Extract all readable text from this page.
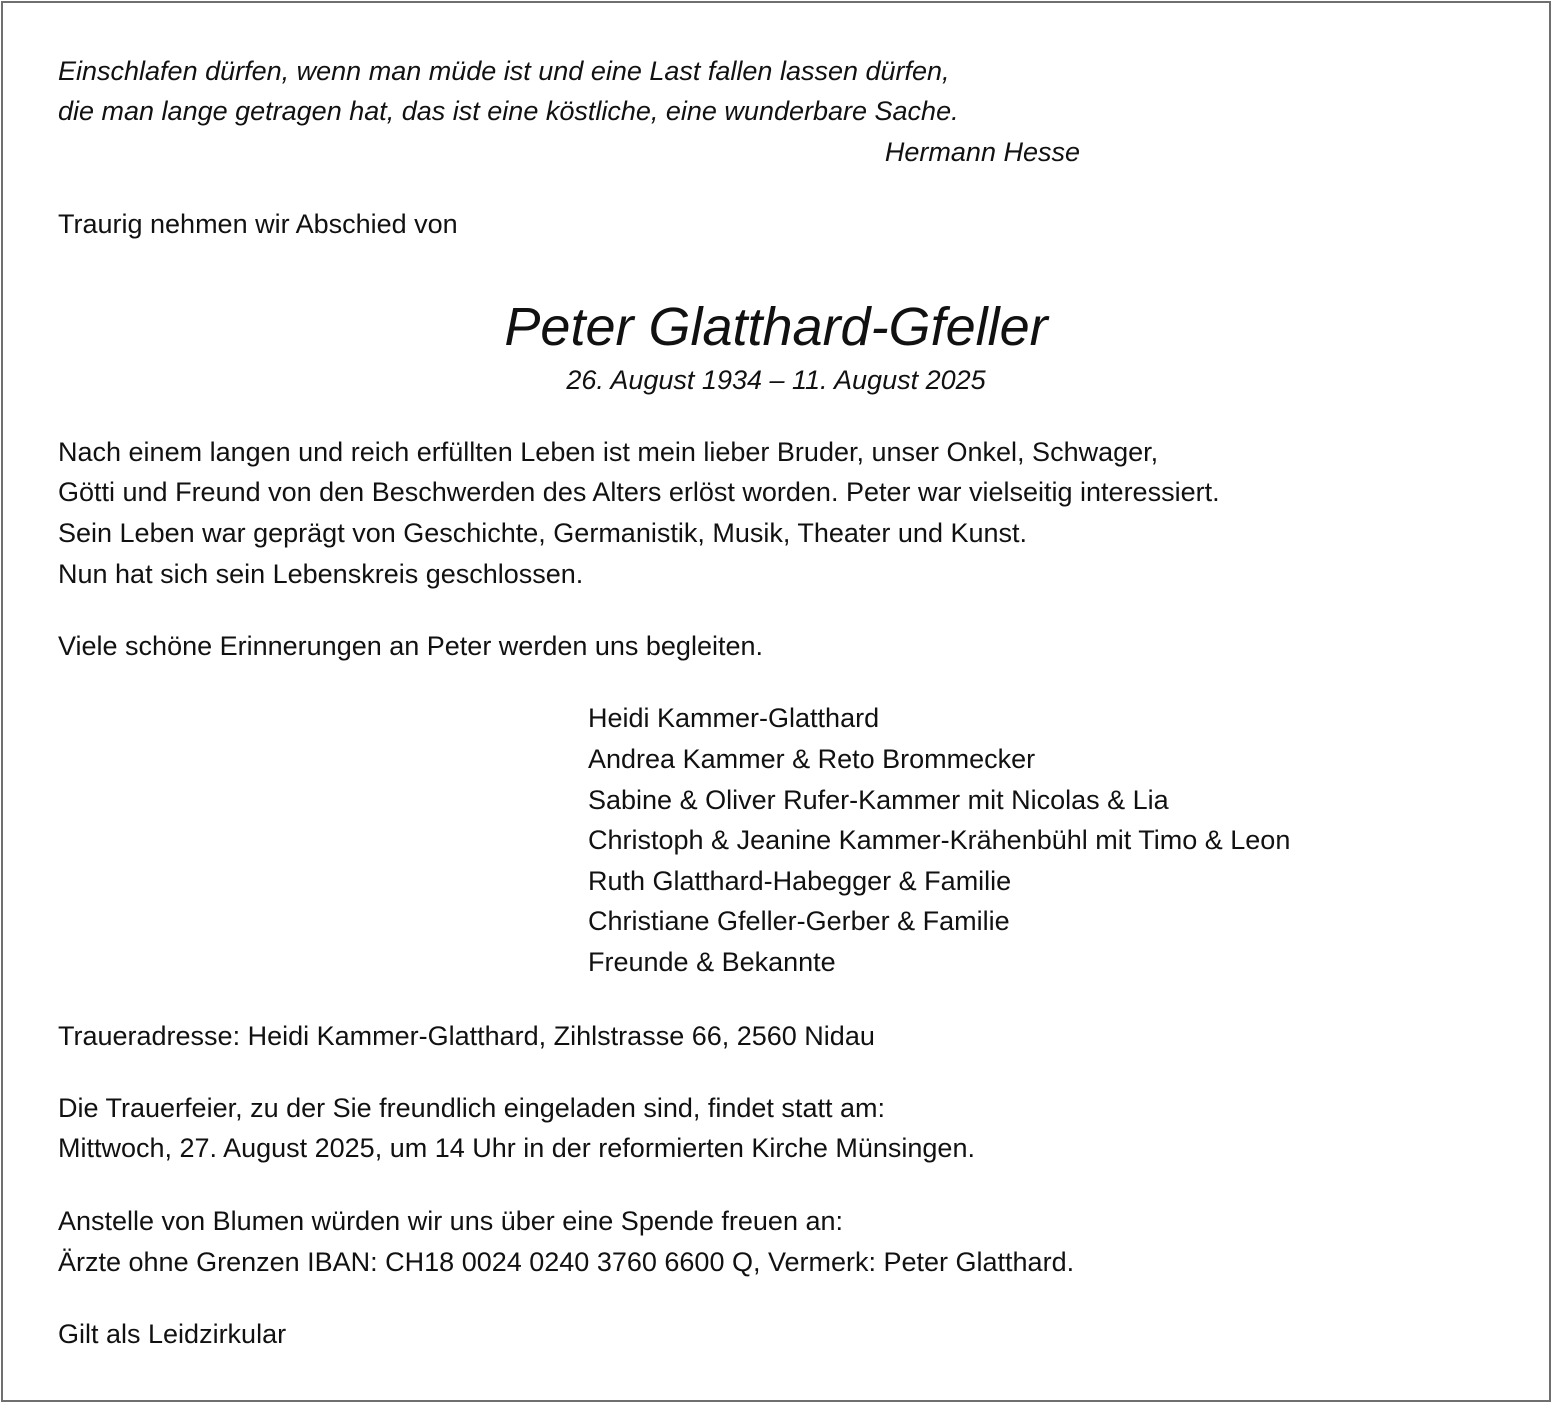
Einschlafen dürfen, wenn man müde ist und eine Last fallen lassen dürfen,

die man lange getragen hat, das ist eine köstliche, eine wunderbare Sache.

Hermann Hesse

Traurig nehmen wir Abschied von

Peter Glatthard-Gfeller

26. August 1934 – 11. August 2025

Nach einem langen und reich erfüllten Leben ist mein lieber Bruder, unser Onkel, Schwager,

Götti und Freund von den Beschwerden des Alters erlöst worden. Peter war vielseitig interessiert.

Sein Leben war geprägt von Geschichte, Germanistik, Musik, Theater und Kunst.

Nun hat sich sein Lebenskreis geschlossen.

Viele schöne Erinnerungen an Peter werden uns begleiten.

Heidi Kammer-Glatthard

Andrea Kammer & Reto Brommecker

Sabine & Oliver Rufer-Kammer mit Nicolas & Lia

Christoph & Jeanine Kammer-Krähenbühl mit Timo & Leon

Ruth Glatthard-Habegger & Familie

Christiane Gfeller-Gerber & Familie

Freunde & Bekannte

Traueradresse: Heidi Kammer-Glatthard, Zihlstrasse 66, 2560 Nidau

Die Trauerfeier, zu der Sie freundlich eingeladen sind, findet statt am:

Mittwoch, 27. August 2025, um 14 Uhr in der reformierten Kirche Münsingen.

Anstelle von Blumen würden wir uns über eine Spende freuen an:

Ärzte ohne Grenzen IBAN: CH18 0024 0240 3760 6600 Q, Vermerk: Peter Glatthard.

Gilt als Leidzirkular
